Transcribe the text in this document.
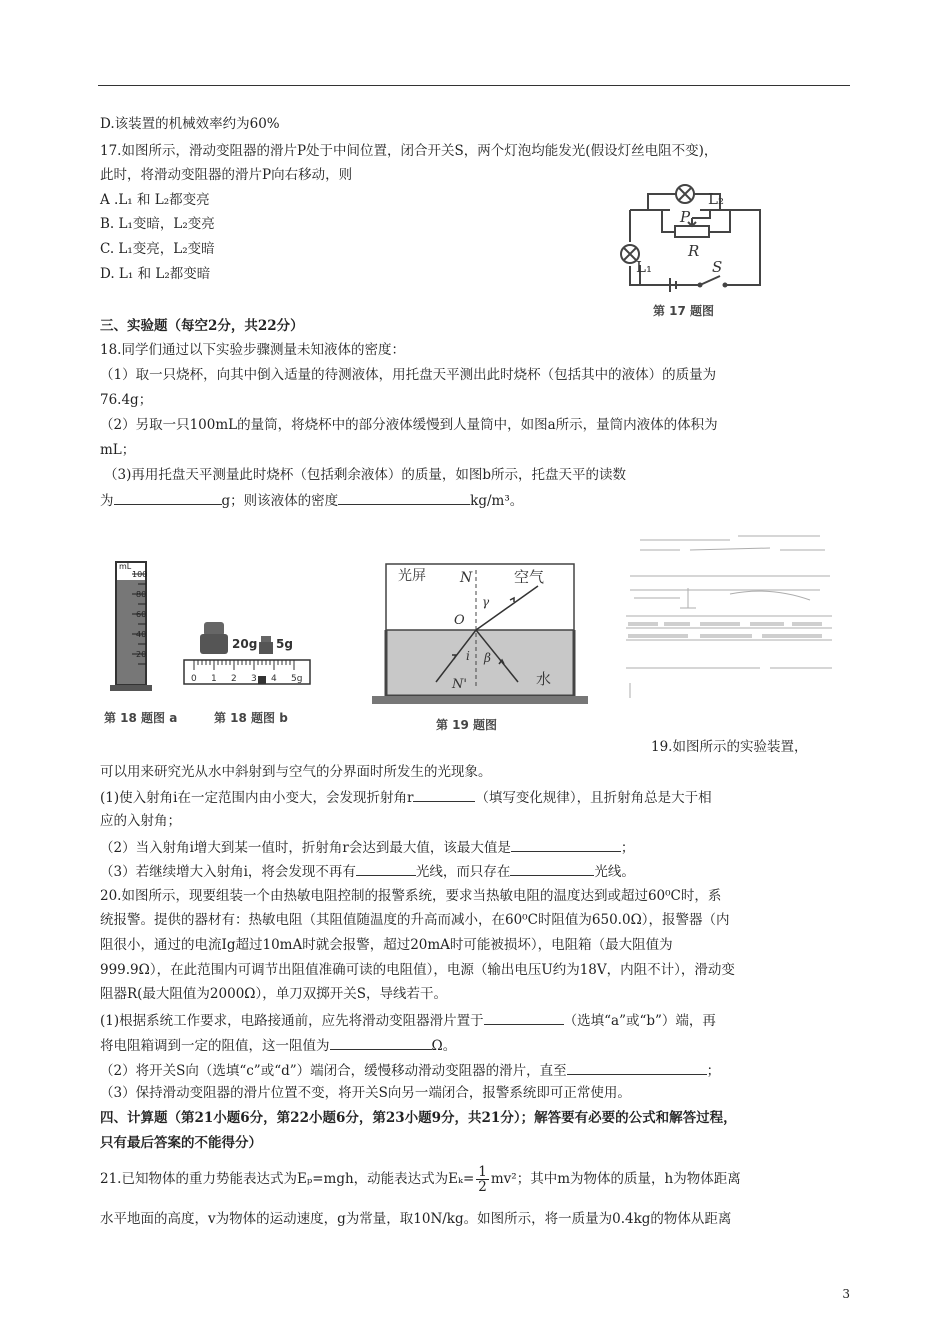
D.该装置的机械效率约为60%
17.如图所示，滑动变阻器的滑片P处于中间位置，闭合开关S，两个灯泡均能发光(假设灯丝电阻不变)，
此时，将滑动变阻器的滑片P向右移动，则
A .L₁ 和 L₂都变亮
B. L₁变暗，L₂变亮
C. L₁变亮，L₂变暗
D. L₁ 和 L₂都变暗
L₂
L₁
P
R
S
第 17 题图
三、实验题（每空2分，共22分）
18.同学们通过以下实验步骤测量未知液体的密度：
（1）取一只烧杯，向其中倒入适量的待测液体，用托盘天平测出此时烧杯（包括其中的液体）的质量为
76.4g；
（2）另取一只100mL的量筒，将烧杯中的部分液体缓慢到人量筒中，如图a所示，量筒内液体的体积为
mL；
（3)再用托盘天平测量此时烧杯（包括剩余液体）的质量，如图b所示，托盘天平的读数
为	g；则该液体的密度	kg/m³。
mL
100
80
60
40
20
第 18 题图 a
20g 5g
0 1 2 3 4 5g
第 18 题图 b
光屏 N	空气
γ
O
i β
N'	水
第 19 题图
19.如图所示的实验装置，
可以用来研究光从水中斜射到与空气的分界面时所发生的光现象。
(1)使入射角i在一定范围内由小变大，会发现折射角r	（填写变化规律），且折射角总是大于相
应的入射角；
（2）当入射角i增大到某一值时，折射角r会达到最大值，该最大值是	；
（3）若继续增大入射角i，将会发现不再有	光线，而只存在	光线。
20.如图所示，现要组装一个由热敏电阻控制的报警系统，要求当热敏电阻的温度达到或超过60⁰C时，系
统报警。提供的器材有：热敏电阻（其阻值随温度的升高而减小，在60⁰C时阻值为650.0Ω），报警器（内
阻很小，通过的电流Ig超过10mA时就会报警，超过20mA时可能被损坏），电阻箱（最大阻值为
999.9Ω），在此范围内可调节出阻值准确可读的电阻值），电源（输出电压U约为18V，内阻不计），滑动变
阻器R(最大阻值为2000Ω），单刀双掷开关S，导线若干。
(1)根据系统工作要求，电路接通前，应先将滑动变阻器滑片置于	（选填“a”或“b”）端，再
将电阻箱调到一定的阻值，这一阻值为	Ω。
（2）将开关S向（选填“c”或“d”）端闭合，缓慢移动滑动变阻器的滑片，直至	；
（3）保持滑动变阻器的滑片位置不变，将开关S向另一端闭合，报警系统即可正常使用。
四、计算题（第21小题6分，第22小题6分，第23小题9分，共21分）；解答要有必要的公式和解答过程，
只有最后答案的不能得分）
21.已知物体的重力势能表达式为Eₚ=mgh，动能表达式为$E_k= \frac{1}{2} mv^2$；其中m为物体的质量，h为物体距离
水平地面的高度，v为物体的运动速度，g为常量，取10N/kg。如图所示，将一质量为0.4kg的物体从距离
3
